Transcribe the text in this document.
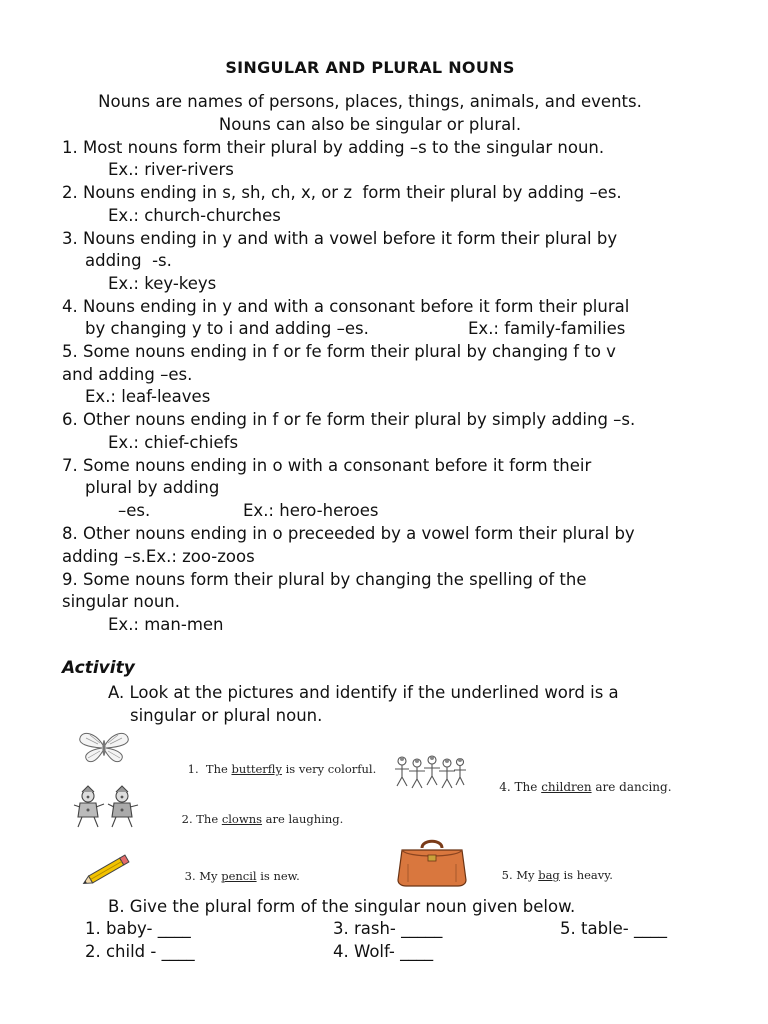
SINGULAR AND PLURAL NOUNS
Nouns are names of persons, places, things, animals, and events.
Nouns can also be singular or plural.
1. Most nouns form their plural by adding –s to the singular noun.
Ex.: river-rivers
2. Nouns ending in s, sh, ch, x, or z  form their plural by adding –es.
Ex.: church-churches
3. Nouns ending in y and with a vowel before it form their plural by
adding  -s.
Ex.: key-keys
4. Nouns ending in y and with a consonant before it form their plural
by changing y to i and adding –es.	Ex.: family-families
5. Some nouns ending in f or fe form their plural by changing f to v
and adding –es.
Ex.: leaf-leaves
6. Other nouns ending in f or fe form their plural by simply adding –s.
Ex.: chief-chiefs
7. Some nouns ending in o with a consonant before it form their
plural by adding
–es.	Ex.: hero-heroes
8. Other nouns ending in o preceeded by a vowel form their plural by
adding –s.Ex.: zoo-zoos
9. Some nouns form their plural by changing the spelling of the
singular noun.
Ex.: man-men
Activity
A. Look at the pictures and identify if the underlined word is a
singular or plural noun.

1. The butterfly is very colorful.

4. The children are dancing.

2. The clowns are laughing.

3. My pencil is new.
	5. My bag is heavy.

B. Give the plural form of the singular noun given below.
1. baby- ____	3. rash- _____	5. table- ____
2. child - ____	4. Wolf- ____
